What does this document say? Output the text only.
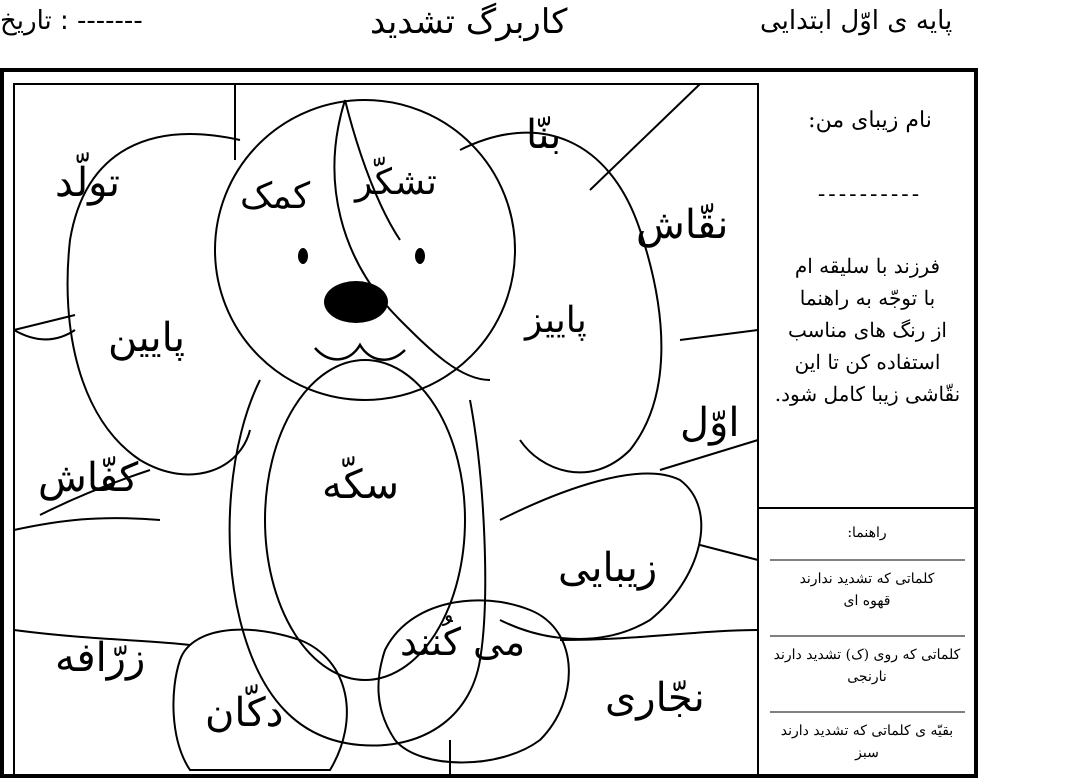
تاریخ : -------	کاربرگ تشدید	پایه ی اوّل ابتدایی
تولّد
بنّا
نقّاش
تشکّر
کمک
پایین	پاییز
اوّل
کفّاش	سکّه
زیبایی
می کُنند
زرّافه
دکّان	نجّاری
نام زیبای من:
----------
فرزند با سلیقه ام
با توجّه به راهنما
از رنگ های مناسب
استفاده کن تا این
نقّاشی زیبا کامل شود.
راهنما:
کلماتی که تشدید ندارند
قهوه ای
کلماتی که روی (ک) تشدید دارند
نارنجی
بقیّه ی کلماتی که تشدید دارند
سبز
